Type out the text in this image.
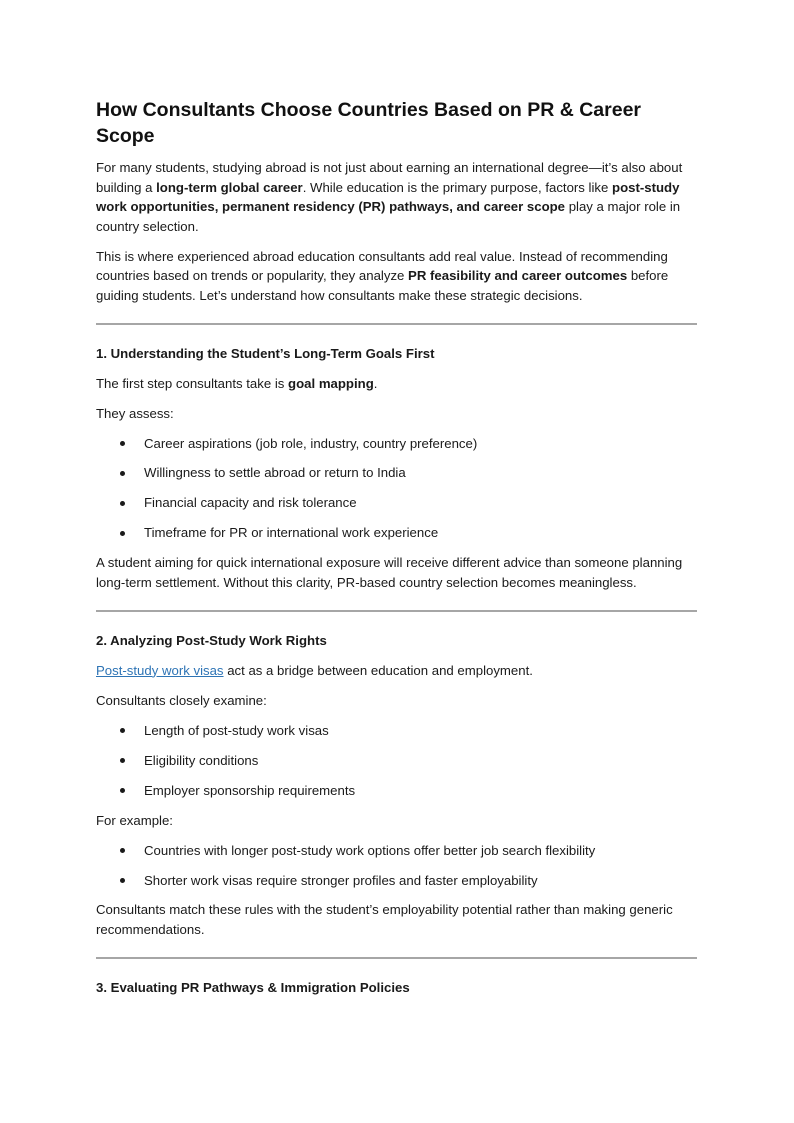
How Consultants Choose Countries Based on PR & Career Scope

For many students, studying abroad is not just about earning an international degree—it’s also about building a long-term global career. While education is the primary purpose, factors like post-study work opportunities, permanent residency (PR) pathways, and career scope play a major role in country selection.

This is where experienced abroad education consultants add real value. Instead of recommending countries based on trends or popularity, they analyze PR feasibility and career outcomes before guiding students. Let’s understand how consultants make these strategic decisions.

1. Understanding the Student’s Long-Term Goals First

The first step consultants take is goal mapping.

They assess:

Career aspirations (job role, industry, country preference)
Willingness to settle abroad or return to India
Financial capacity and risk tolerance
Timeframe for PR or international work experience

A student aiming for quick international exposure will receive different advice than someone planning long-term settlement. Without this clarity, PR-based country selection becomes meaningless.

2. Analyzing Post-Study Work Rights

Post-study work visas act as a bridge between education and employment.

Consultants closely examine:

Length of post-study work visas
Eligibility conditions
Employer sponsorship requirements

For example:

Countries with longer post-study work options offer better job search flexibility
Shorter work visas require stronger profiles and faster employability

Consultants match these rules with the student’s employability potential rather than making generic recommendations.

3. Evaluating PR Pathways & Immigration Policies
